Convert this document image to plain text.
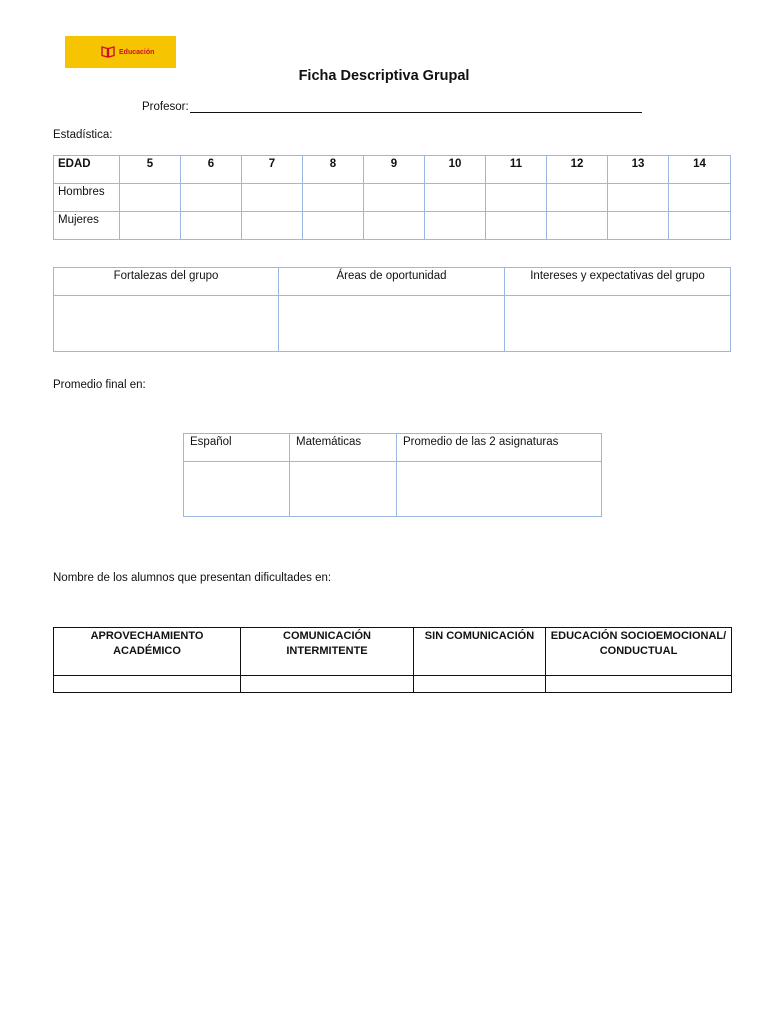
Educación
Ficha Descriptiva Grupal
Profesor:
Estadística:
EDAD	5	6	7	8	9	10	11	12	13	14
Hombres										
Mujeres										
Fortalezas del grupo	Áreas de oportunidad	Intereses y expectativas del grupo

Promedio final en:
Español	Matemáticas	Promedio de las 2 asignaturas

Nombre de los alumnos que presentan dificultades en:
APROVECHAMIENTO ACADÉMICO	COMUNICACIÓN INTERMITENTE	SIN COMUNICACIÓN	EDUCACIÓN SOCIOEMOCIONAL/ CONDUCTUAL
